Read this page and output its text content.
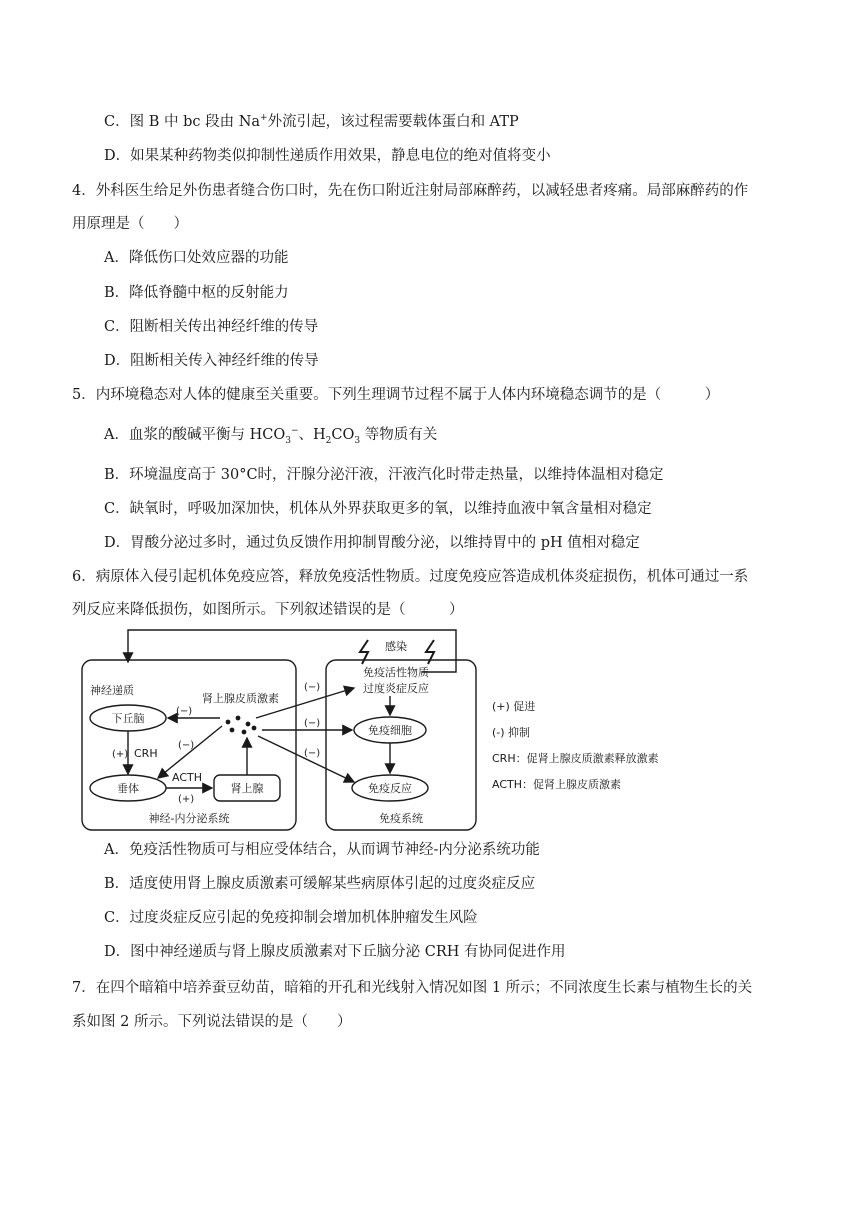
C．图 B 中 bc 段由 Na+外流引起，该过程需要载体蛋白和 ATP
D．如果某种药物类似抑制性递质作用效果，静息电位的绝对值将变小
4．外科医生给足外伤患者缝合伤口时，先在伤口附近注射局部麻醉药，以减轻患者疼痛。局部麻醉药的作
用原理是（　　）
A．降低伤口处效应器的功能
B．降低脊髓中枢的反射能力
C．阻断相关传出神经纤维的传导
D．阻断相关传入神经纤维的传导
5．内环境稳态对人体的健康至关重要。下列生理调节过程不属于人体内环境稳态调节的是（　　　）
A．血浆的酸碱平衡与 $HCO_3^-$、$H_2CO_3$ 等物质有关
B．环境温度高于 30°C时，汗腺分泌汗液，汗液汽化时带走热量，以维持体温相对稳定
C．缺氧时，呼吸加深加快，机体从外界获取更多的氧，以维持血液中氧含量相对稳定
D．胃酸分泌过多时，通过负反馈作用抑制胃酸分泌，以维持胃中的 pH 值相对稳定
6．病原体入侵引起机体免疫应答，释放免疫活性物质。过度免疫应答造成机体炎症损伤，机体可通过一系
列反应来降低损伤，如图所示。下列叙述错误的是（　　　）
感染
免疫活性物质
过度炎症反应
神经递质
肾上腺皮质激素
下丘脑
垂体	肾上腺
免疫细胞
免疫反应
CRH
(+)
ACTH
(+)
(−)
(−)
(−)
(−)
(−)
神经-内分泌系统	免疫系统
(+) 促进
(-) 抑制
CRH：促肾上腺皮质激素释放激素
ACTH：促肾上腺皮质激素
A．免疫活性物质可与相应受体结合，从而调节神经-内分泌系统功能
B．适度使用肾上腺皮质激素可缓解某些病原体引起的过度炎症反应
C．过度炎症反应引起的免疫抑制会增加机体肿瘤发生风险
D．图中神经递质与肾上腺皮质激素对下丘脑分泌 CRH 有协同促进作用
7．在四个暗箱中培养蚕豆幼苗，暗箱的开孔和光线射入情况如图 1 所示；不同浓度生长素与植物生长的关
系如图 2 所示。下列说法错误的是（　　）
